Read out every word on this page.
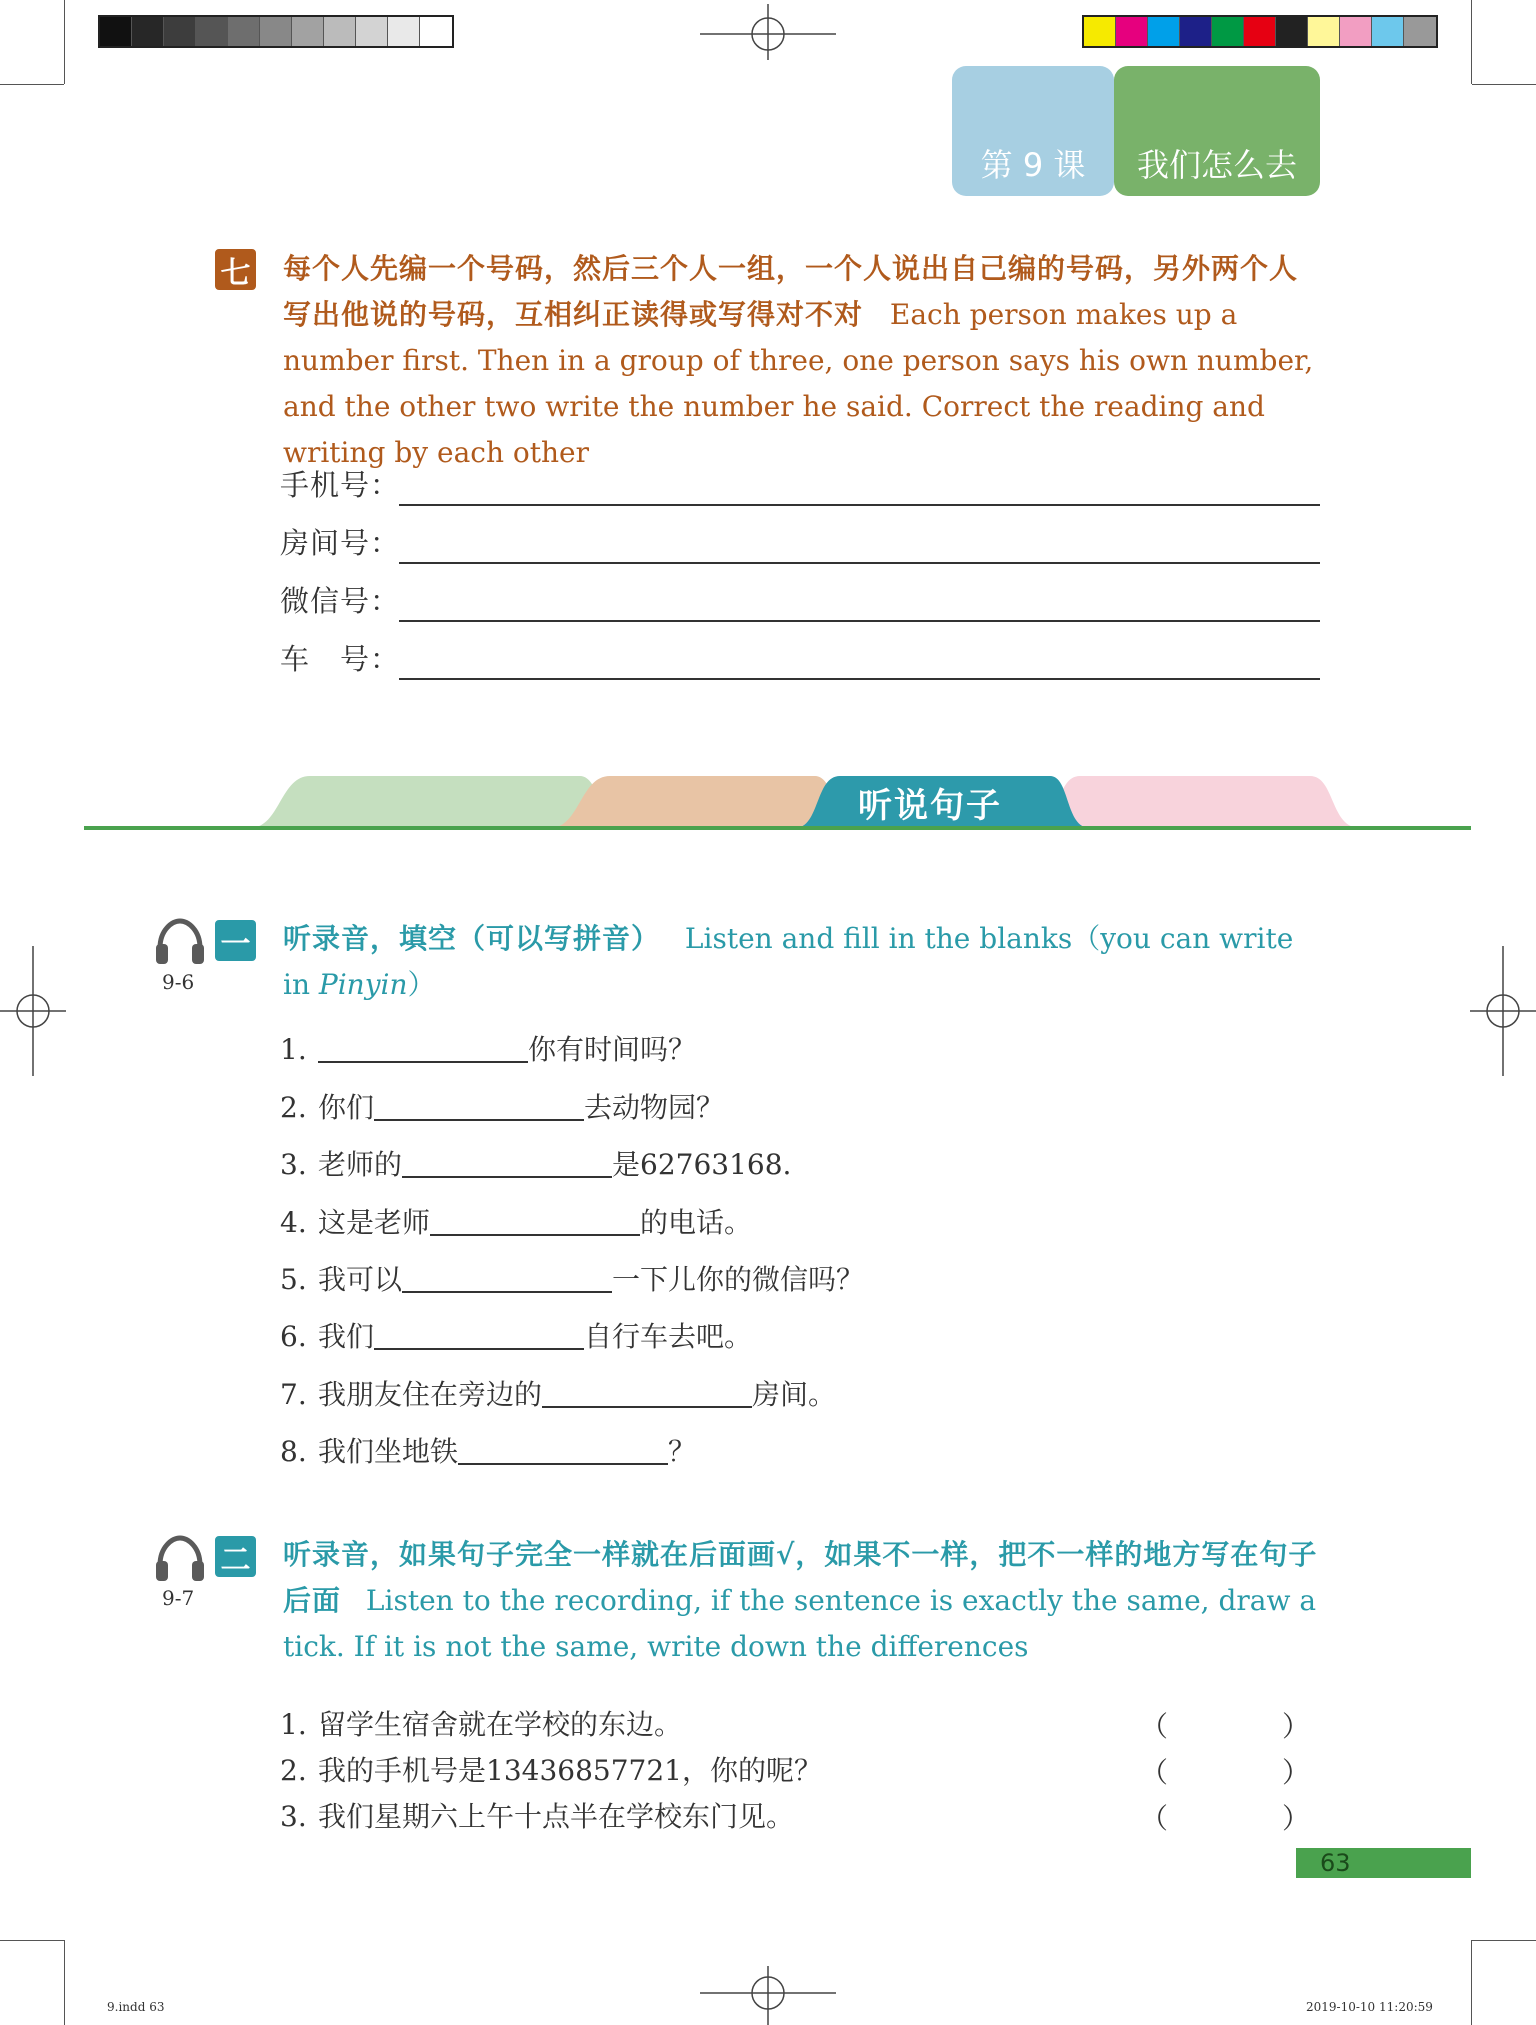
第 9 课 我们怎么去
七 每个人先编一个号码，然后三个人一组，一个人说出自己编的号码，另外两个人写出他说的号码，互相纠正读得或写得对不对 Each person makes up a number first. Then in a group of three, one person says his own number, and the other two write the number he said. Correct the reading and writing by each other
手机号：
房间号：
微信号：
车　号：
听说句子
9-6
一 听录音，填空（可以写拼音） Listen and fill in the blanks（you can write in Pinyin）
1.	你有时间吗？
2. 你们	去动物园？
3. 老师的	是62763168.
4. 这是老师	的电话。
5. 我可以	一下儿你的微信吗？
6. 我们	自行车去吧。
7. 我朋友住在旁边的	房间。
8. 我们坐地铁	？
9-7
二 听录音，如果句子完全一样就在后面画√，如果不一样，把不一样的地方写在句子后面 Listen to the recording, if the sentence is exactly the same, draw a tick. If it is not the same, write down the differences
1. 留学生宿舍就在学校的东边。	（	）
2. 我的手机号是13436857721，你的呢？	（	）
3. 我们星期六上午十点半在学校东门见。	（	）
63
9.indd 63	2019-10-10 11:20:59
